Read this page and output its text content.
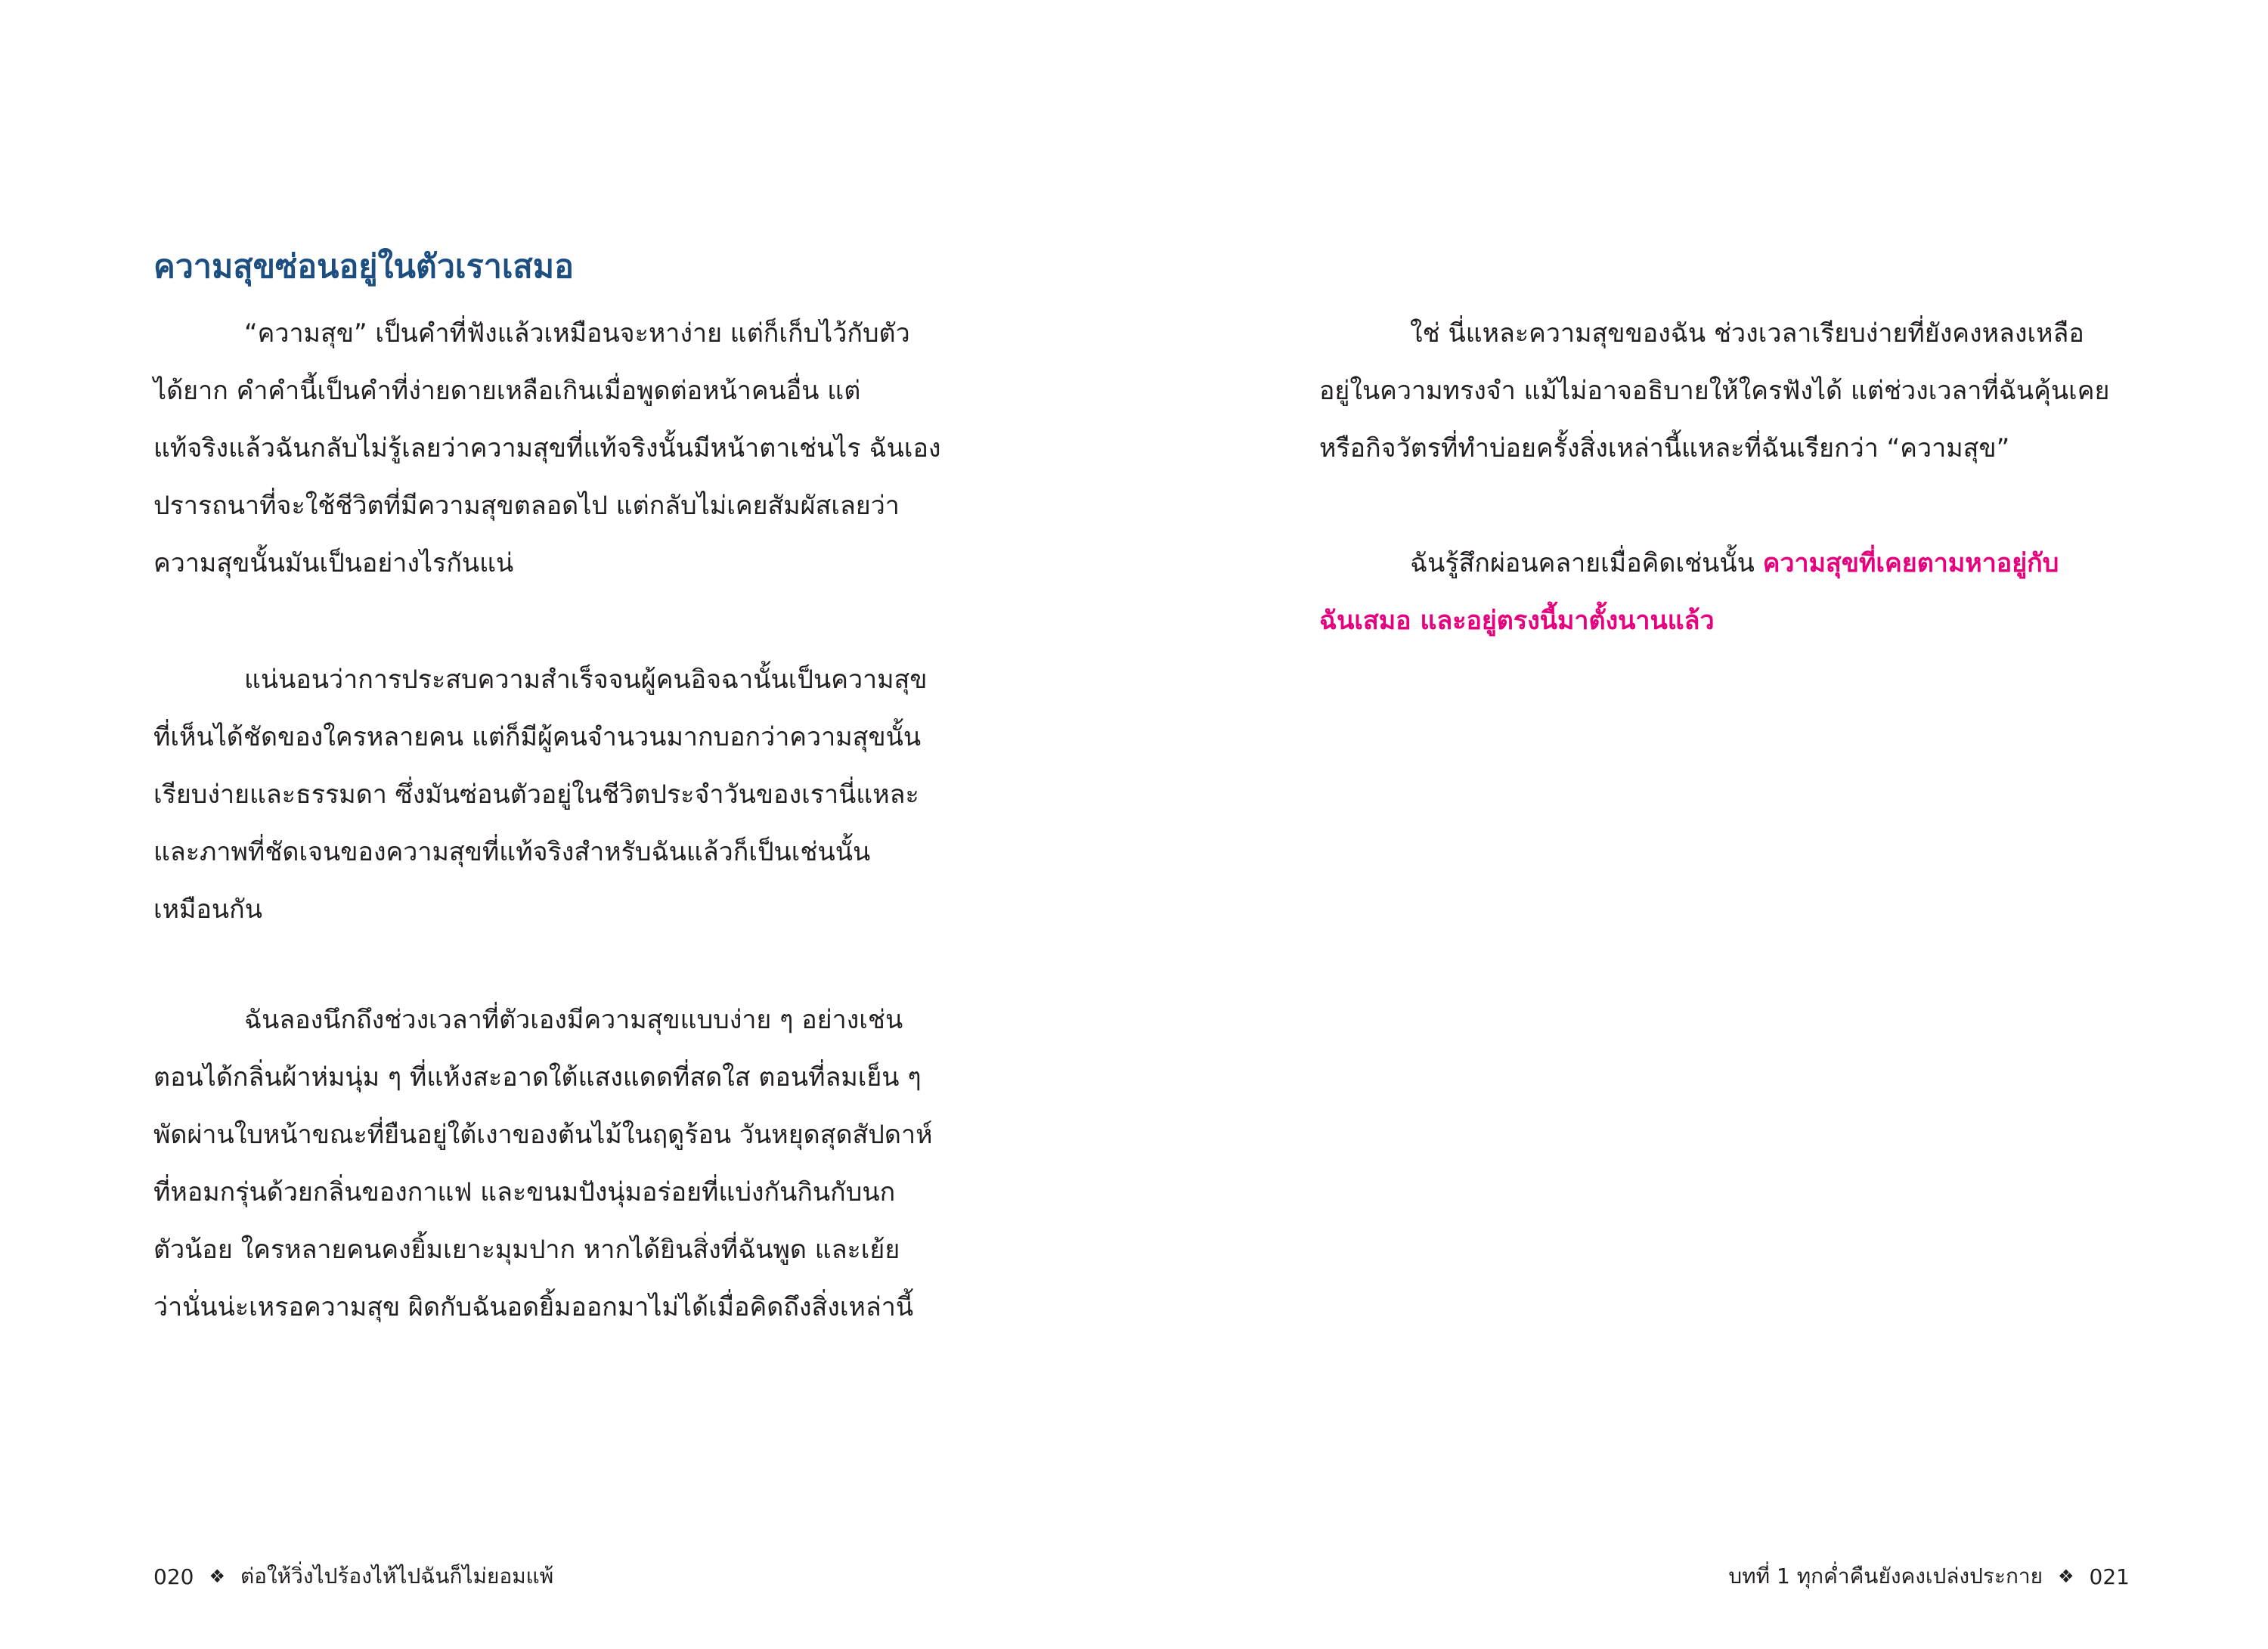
ความสุขซ่อนอยู่ในตัวเราเสมอ

“ความสุข” เป็นคำที่ฟังแล้วเหมือนจะหาง่าย แต่ก็เก็บไว้กับตัว
ได้ยาก คำคำนี้เป็นคำที่ง่ายดายเหลือเกินเมื่อพูดต่อหน้าคนอื่น แต่
แท้จริงแล้วฉันกลับไม่รู้เลยว่าความสุขที่แท้จริงนั้นมีหน้าตาเช่นไร ฉันเอง
ปรารถนาที่จะใช้ชีวิตที่มีความสุขตลอดไป แต่กลับไม่เคยสัมผัสเลยว่า
ความสุขนั้นมันเป็นอย่างไรกันแน่

แน่นอนว่าการประสบความสำเร็จจนผู้คนอิจฉานั้นเป็นความสุข
ที่เห็นได้ชัดของใครหลายคน แต่ก็มีผู้คนจำนวนมากบอกว่าความสุขนั้น
เรียบง่ายและธรรมดา ซึ่งมันซ่อนตัวอยู่ในชีวิตประจำวันของเรานี่แหละ
และภาพที่ชัดเจนของความสุขที่แท้จริงสำหรับฉันแล้วก็เป็นเช่นนั้น
เหมือนกัน

ฉันลองนึกถึงช่วงเวลาที่ตัวเองมีความสุขแบบง่าย ๆ อย่างเช่น
ตอนได้กลิ่นผ้าห่มนุ่ม ๆ ที่แห้งสะอาดใต้แสงแดดที่สดใส ตอนที่ลมเย็น ๆ
พัดผ่านใบหน้าขณะที่ยืนอยู่ใต้เงาของต้นไม้ในฤดูร้อน วันหยุดสุดสัปดาห์
ที่หอมกรุ่นด้วยกลิ่นของกาแฟ และขนมปังนุ่มอร่อยที่แบ่งกันกินกับนก
ตัวน้อย ใครหลายคนคงยิ้มเยาะมุมปาก หากได้ยินสิ่งที่ฉันพูด และเย้ย
ว่านั่นน่ะเหรอความสุข ผิดกับฉันอดยิ้มออกมาไม่ได้เมื่อคิดถึงสิ่งเหล่านี้

020 ❖ ต่อให้วิ่งไปร้องไห้ไปฉันก็ไม่ยอมแพ้

ใช่ นี่แหละความสุขของฉัน ช่วงเวลาเรียบง่ายที่ยังคงหลงเหลือ
อยู่ในความทรงจำ แม้ไม่อาจอธิบายให้ใครฟังได้ แต่ช่วงเวลาที่ฉันคุ้นเคย
หรือกิจวัตรที่ทำบ่อยครั้งสิ่งเหล่านี้แหละที่ฉันเรียกว่า “ความสุข”

ฉันรู้สึกผ่อนคลายเมื่อคิดเช่นนั้น ความสุขที่เคยตามหาอยู่กับ
ฉันเสมอ และอยู่ตรงนี้มาตั้งนานแล้ว

บทที่ 1 ทุกค่ำคืนยังคงเปล่งประกาย ❖ 021
